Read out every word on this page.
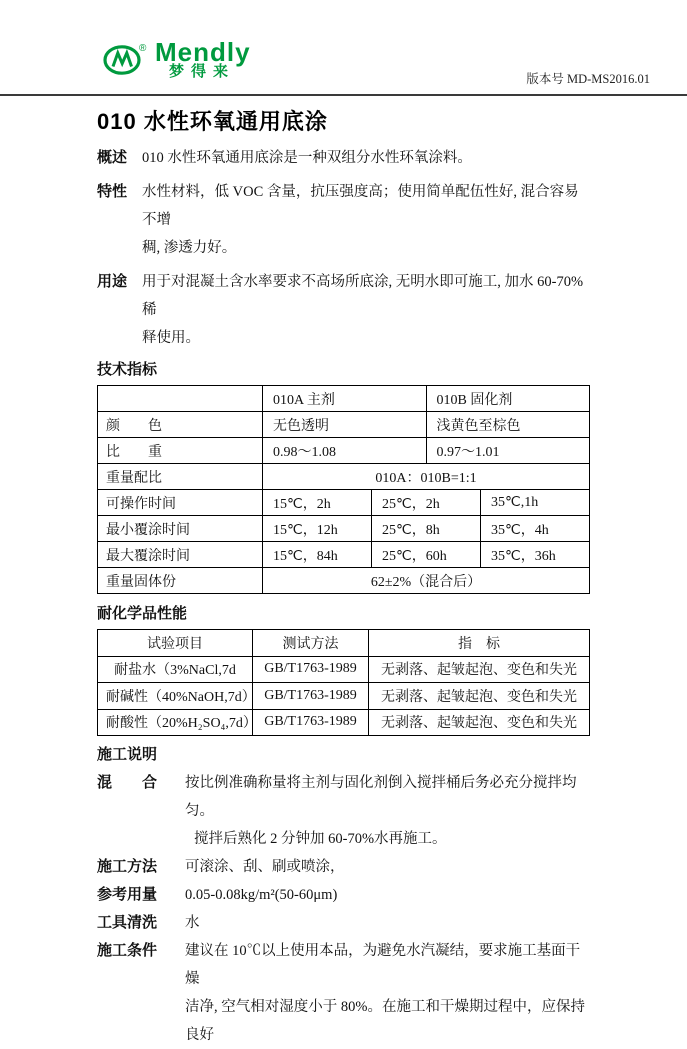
® Mendly
梦得来	版本号 MD-MS2016.01
010 水性环氧通用底涂
概述	010 水性环氧通用底涂是一种双组分水性环氧涂料。
特性	水性材料，低 VOC 含量，抗压强度高；使用简单配伍性好, 混合容易不增
稠, 渗透力好。
用途	用于对混凝土含水率要求不高场所底涂, 无明水即可施工, 加水 60-70%稀
释使用。
技术指标
	010A 主剂		010B 固化剂	
颜　　色	无色透明		浅黄色至棕色	
比　　重	0.98～1.08		0.97～1.01	
重量配比	010A：010B=1:1			
可操作时间	15℃，2h	25℃，2h		35℃,1h
最小覆涂时间	15℃，12h	25℃，8h		35℃，4h
最大覆涂时间	15℃，84h	25℃，60h		35℃，36h
重量固体份	62±2%（混合后）			
耐化学品性能
试验项目	测试方法	指　标
耐盐水（3%NaCl,7d	GB/T1763-1989	无剥落、起皱起泡、变色和失光
耐碱性（40%NaOH,7d）	GB/T1763-1989	无剥落、起皱起泡、变色和失光
耐酸性（20%H₂SO₄,7d）	GB/T1763-1989	无剥落、起皱起泡、变色和失光
施工说明
混　　合	按比例准确称量将主剂与固化剂倒入搅拌桶后务必充分搅拌均匀。
搅拌后熟化 2 分钟加 60-70%水再施工。
施工方法	可滚涂、刮、刷或喷涂，
参考用量	0.05-0.08kg/m²(50-60μm)
工具清洗	水
施工条件	建议在 10℃以上使用本品，为避免水汽凝结，要求施工基面干燥
洁净, 空气相对湿度小于 80%。在施工和干燥期过程中，应保持良好
